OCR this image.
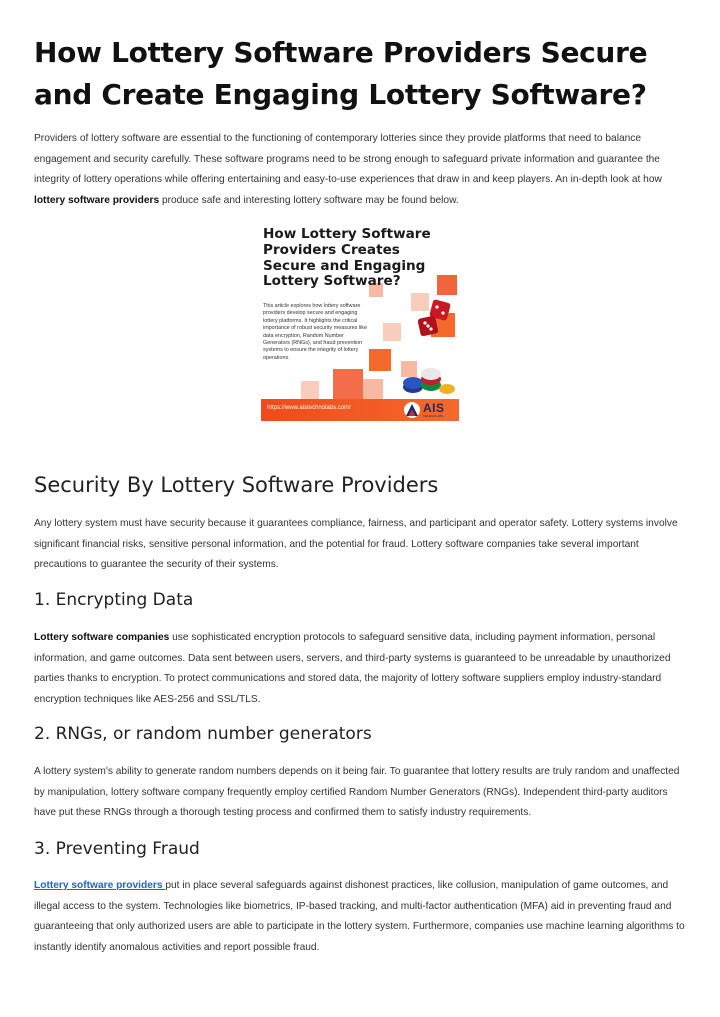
How Lottery Software Providers Secure and Create Engaging Lottery Software?

Providers of lottery software are essential to the functioning of contemporary lotteries since they provide platforms that need to balance engagement and security carefully. These software programs need to be strong enough to safeguard private information and guarantee the integrity of lottery operations while offering entertaining and easy-to-use experiences that draw in and keep players. An in-depth look at how lottery software providers produce safe and interesting lottery software may be found below.

How Lottery Software Providers Creates Secure and Engaging Lottery Software?
This article explores how lottery software providers develop secure and engaging lottery platforms. It highlights the critical importance of robust security measures like data encryption, Random Number Generators (RNGs), and fraud prevention systems to ensure the integrity of lottery operations.
https://www.aistechnolabs.com/	AIS
TECHNOLABS
Security By Lottery Software Providers

Any lottery system must have security because it guarantees compliance, fairness, and participant and operator safety. Lottery systems involve significant financial risks, sensitive personal information, and the potential for fraud. Lottery software companies take several important precautions to guarantee the security of their systems.

1. Encrypting Data

Lottery software companies use sophisticated encryption protocols to safeguard sensitive data, including payment information, personal information, and game outcomes. Data sent between users, servers, and third-party systems is guaranteed to be unreadable by unauthorized parties thanks to encryption. To protect communications and stored data, the majority of lottery software suppliers employ industry-standard encryption techniques like AES-256 and SSL/TLS.

2. RNGs, or random number generators

A lottery system's ability to generate random numbers depends on it being fair. To guarantee that lottery results are truly random and unaffected by manipulation, lottery software company frequently employ certified Random Number Generators (RNGs). Independent third-party auditors have put these RNGs through a thorough testing process and confirmed them to satisfy industry requirements.

3. Preventing Fraud

Lottery software providers put in place several safeguards against dishonest practices, like collusion, manipulation of game outcomes, and illegal access to the system. Technologies like biometrics, IP-based tracking, and multi-factor authentication (MFA) aid in preventing fraud and guaranteeing that only authorized users are able to participate in the lottery system. Furthermore, companies use machine learning algorithms to instantly identify anomalous activities and report possible fraud.
